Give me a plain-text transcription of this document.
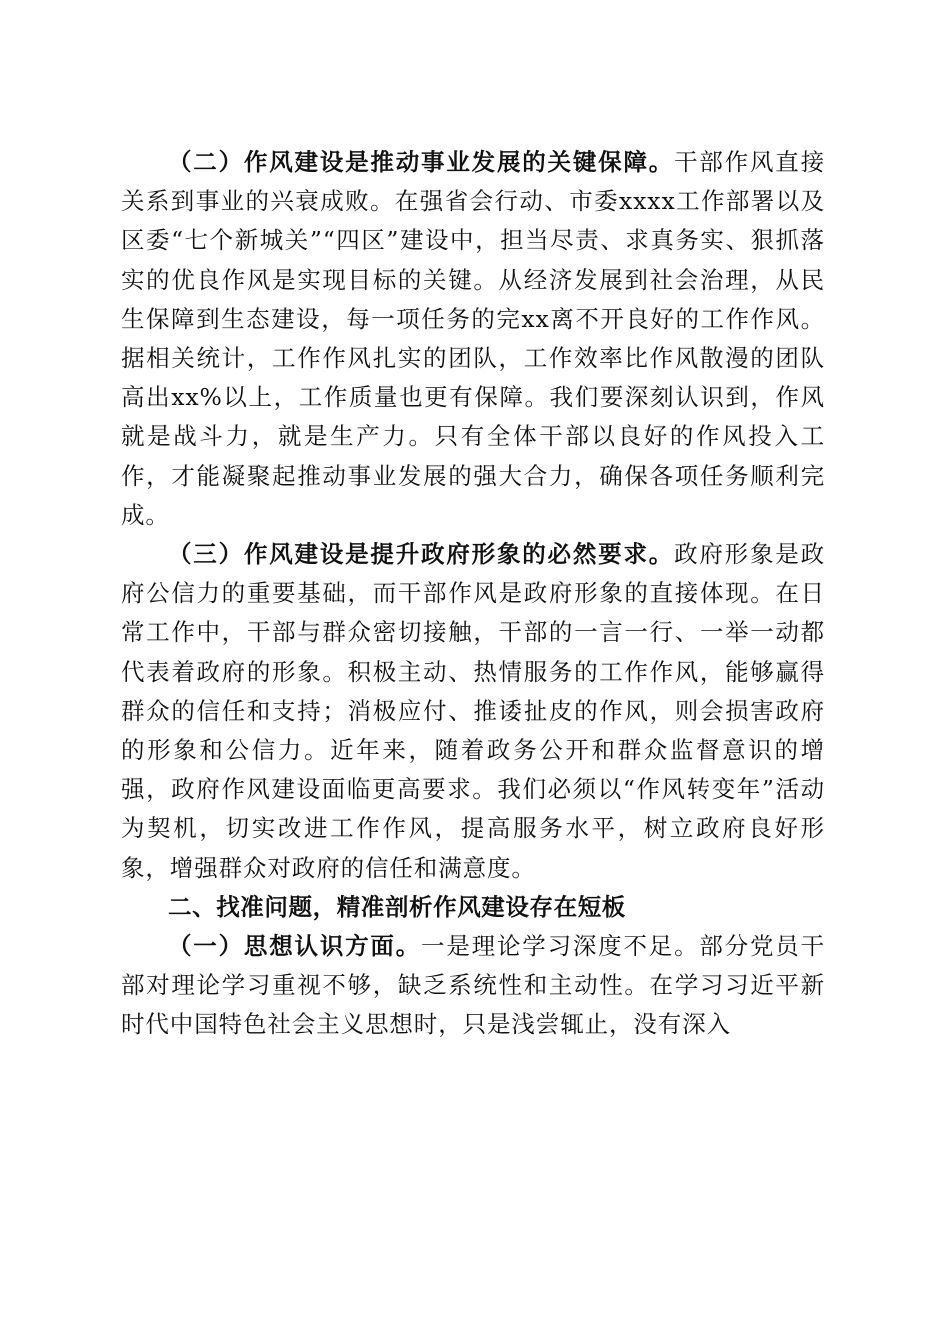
（二）作风建设是推动事业发展的关键保障。干部作风直接关系到事业的兴衰成败。在强省会行动、市委xxxx工作部署以及区委“七个新城关”“四区”建设中，担当尽责、求真务实、狠抓落实的优良作风是实现目标的关键。从经济发展到社会治理，从民生保障到生态建设，每一项任务的完xx离不开良好的工作作风。据相关统计，工作作风扎实的团队，工作效率比作风散漫的团队高出xx%以上，工作质量也更有保障。我们要深刻认识到，作风就是战斗力，就是生产力。只有全体干部以良好的作风投入工作，才能凝聚起推动事业发展的强大合力，确保各项任务顺利完成。

（三）作风建设是提升政府形象的必然要求。政府形象是政府公信力的重要基础，而干部作风是政府形象的直接体现。在日常工作中，干部与群众密切接触，干部的一言一行、一举一动都代表着政府的形象。积极主动、热情服务的工作作风，能够赢得群众的信任和支持；消极应付、推诿扯皮的作风，则会损害政府的形象和公信力。近年来，随着政务公开和群众监督意识的增强，政府作风建设面临更高要求。我们必须以“作风转变年”活动为契机，切实改进工作作风，提高服务水平，树立政府良好形象，增强群众对政府的信任和满意度。

二、找准问题，精准剖析作风建设存在短板

（一）思想认识方面。一是理论学习深度不足。部分党员干部对理论学习重视不够，缺乏系统性和主动性。在学习习近平新时代中国特色社会主义思想时，只是浅尝辄止，没有深入
